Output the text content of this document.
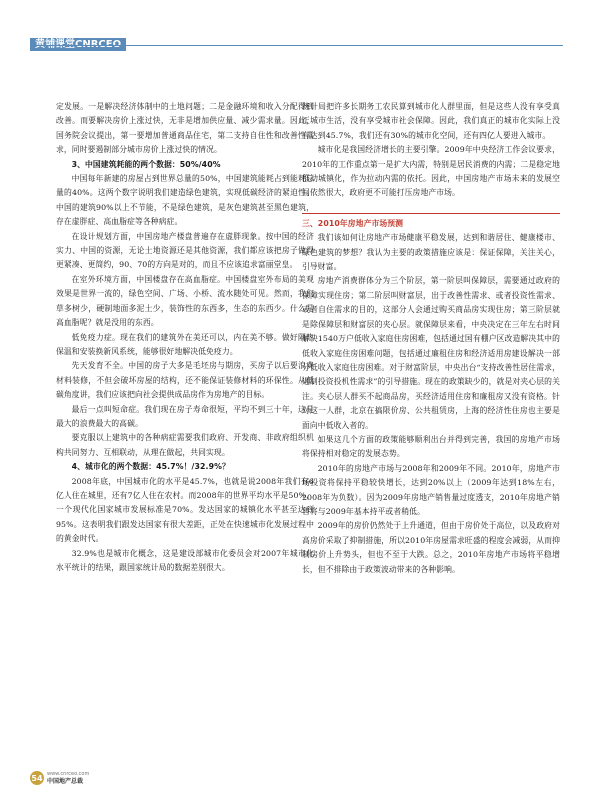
定发展。一是解决经济体制中的土地问题；二是金融环境和收入分配得到改善。而要解决房价上涨过快，无非是增加供应量、减少需求量。因此，国务院会议提出，第一要增加普通商品住宅，第二支持自住性和改善性需求，同时要遏制部分城市房价上涨过快的情况。

3、中国建筑耗能的两个数据：50%/40%

中国每年新建的房屋占到世界总量的50%，中国建筑能耗占到能耗总量的40%。这两个数字说明我们建造绿色建筑，实现低碳经济的紧迫性。中国的建筑90%以上不节能，不是绿色建筑，是灰色建筑甚至黑色建筑，存在虚胖症、高血脂症等各种病症。

在设计规划方面，中国房地产楼盘普遍存在虚胖现象。按中国的经济实力、中国的资源，无论土地资源还是其他资源，我们都应该把房子做得更紧凑、更简约，90、70的方向是对的，而且不应该追求富丽堂皇。

在室外环境方面，中国楼盘存在高血脂症。中国楼盘室外布局的美观效果是世界一流的，绿色空间、广场、小桥、流水随处可见。然而，我们草多树少，硬制地面多泥土少，装饰性的东西多，生态的东西少。什么是高血脂呢？就是没用的东西。

低免疫力症。现在我们的建筑外在美还可以，内在美不够。做好隔热保温和安装换新风系统，能够很好地解决低免疫力。

先天发育不全。中国的房子大多是毛坯房与期房，买房子以后要浪费材料装修，不但会破坏房屋的结构，还不能保证装修材料的环保性。从低碳角度讲，我们应该把向社会提供成品房作为房地产的目标。

最后一点叫短命症。我们现在房子寿命很短，平均不到三十年，这是最大的浪费最大的高碳。

要克服以上建筑中的各种病症需要我们政府、开发商、非政府组织机构共同努力、互相联动，从理在做起，共同实现。

4、城市化的两个数据：45.7%！/32.9%？

2008年底，中国城市化的水平是45.7%，也就是说2008年我们有6亿人住在城里，还有7亿人住在农村。而2008年的世界平均水平是50%，一个现代化国家城市发展标准是70%。发达国家的城镇化水平甚至达到95%。这表明我们跟发达国家有很大差距，正处在快速城市化发展过程中的黄金时代。

32.9%也是城市化概念，这是建设部城市化委员会对2007年城市化水平统计的结果，跟国家统计局的数据差别很大。

统计局把许多长期务工农民算到城市化人群里面，但是这些人没有享受真正城市生活，没有享受城市社会保障。因此，我们真正的城市化实际上没有达到45.7%，我们还有30%的城市化空间，还有四亿人要进入城市。

城市化是我国经济增长的主要引擎。2009年中央经济工作会议要求，2010年的工作重点第一是扩大内需，特别是居民消费的内需；二是稳定地推动城镇化，作为拉动内需的依托。因此，中国房地产市场未来的发展空间依然很大，政府更不可能打压房地产市场。

三、2010年房地产市场预测

我们该如何让房地产市场健康平稳发展，达到和谐居住、健康楼市、绿色建筑的梦想？我认为主要的政策措施应该是：保证保障，关注关心，引导财富。

房地产消费群体分为三个阶层，第一阶层叫保障层，需要通过政府的保障实现住房；第二阶层叫财富层，出于改善性需求、或者投资性需求、或者自住需求的目的，这部分人会通过购买商品房实现住房；第三阶层就是除保障层和财富层的夹心层。就保障层来看，中央决定在三年左右时间解决1540万户低收入家庭住房困难，包括通过国有棚户区改造解决其中的低收入家庭住房困难问题，包括通过廉租住房和经济适用房建设解决一部分低收入家庭住房困难。对于财富阶层，中央出台“支持改善性居住需求，遏制投资投机性需求”的引导措施。现在的政策缺少的，就是对夹心层的关注。夹心层人群买不起商品房，买经济适用住房和廉租房又没有资格。针对这一人群，北京在搞限价房、公共租赁房，上海的经济性住房也主要是面向中低收入者的。

如果这几个方面的政策能够顺利出台并得到完善，我国的房地产市场将保持相对稳定的发展态势。

2010年的房地产市场与2008年和2009年不同。2010年，房地产市场投资将保持平稳较快增长，达到20%以上（2009年达到18%左右，2008年为负数）。因为2009年房地产销售量过度透支，2010年房地产销售将与2009年基本持平或者稍低。

2009年的房价仍然处于上升通道，但由于房价处于高位，以及政府对高房价采取了抑制措施，所以2010年房屋需求旺盛的程度会减弱，从而抑制房价上升势头，但也不至于大跌。总之，2010年房地产市场将平稳增长，但不排除由于政策波动带来的各种影响。

54 www.cnrceo.com
中国地产总裁
